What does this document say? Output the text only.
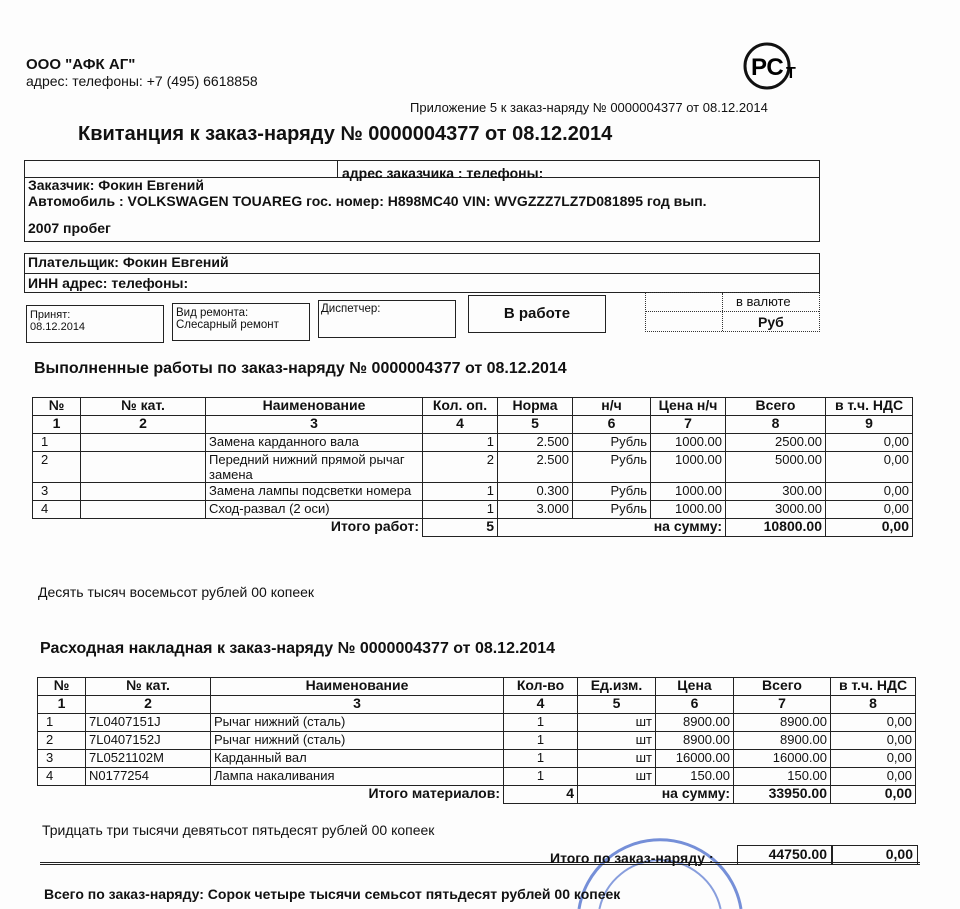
ООО "АФК АГ"
адрес: телефоны: +7 (495) 6618858	РС Т
Приложение 5 к заказ-наряду № 0000004377 от 08.12.2014
Квитанция к заказ-наряду № 0000004377 от 08.12.2014
Заказчик: Фокин Евгений
адрес заказчика : телефоны:
Автомобиль : VOLKSWAGEN TOUAREG гос. номер: Н898МС40 VIN: WVGZZZ7LZ7D081895 год вып.
2007 пробег
Плательщик: Фокин Евгений
ИНН адрес: телефоны:
Принят:
08.12.2014
Вид ремонта:
Слесарный ремонт
Диспетчер:	В работе
в валюте
Руб
Выполненные работы по заказ-наряду № 0000004377 от 08.12.2014
№	№ кат.	Наименование	Кол. оп.	Норма	н/ч	Цена н/ч	Всего	в т.ч. НДС
1	2	3	4	5	6	7	8	9
1		Замена карданного вала	1	2.500	Рубль	1000.00	2500.00	0,00
2		Передний нижний прямой рычаг замена	2	2.500	Рубль	1000.00	5000.00	0,00
3		Замена лампы подсветки номера	1	0.300	Рубль	1000.00	300.00	0,00
4		Сход-развал (2 оси)	1	3.000	Рубль	1000.00	3000.00	0,00
Итого работ:			5	на сумму:			10800.00	0,00
Десять тысяч восемьсот рублей 00 копеек
Расходная накладная к заказ-наряду № 0000004377 от 08.12.2014
№	№ кат.	Наименование	Кол-во	Ед.изм.	Цена	Всего	в т.ч. НДС
1	2	3	4	5	6	7	8
1	7L0407151J	Рычаг нижний (сталь)	1	шт	8900.00	8900.00	0,00
2	7L0407152J	Рычаг нижний (сталь)	1	шт	8900.00	8900.00	0,00
3	7L0521102M	Карданный вал	1	шт	16000.00	16000.00	0,00
4	N0177254	Лампа накаливания	1	шт	150.00	150.00	0,00
Итого материалов:			4	на сумму:		33950.00	0,00
Тридцать три тысячи девятьсот пятьдесят рублей 00 копеек
Итого по заказ-наряду :	44750.00	0,00
Всего по заказ-наряду: Сорок четыре тысячи семьсот пятьдесят рублей 00 копеек
